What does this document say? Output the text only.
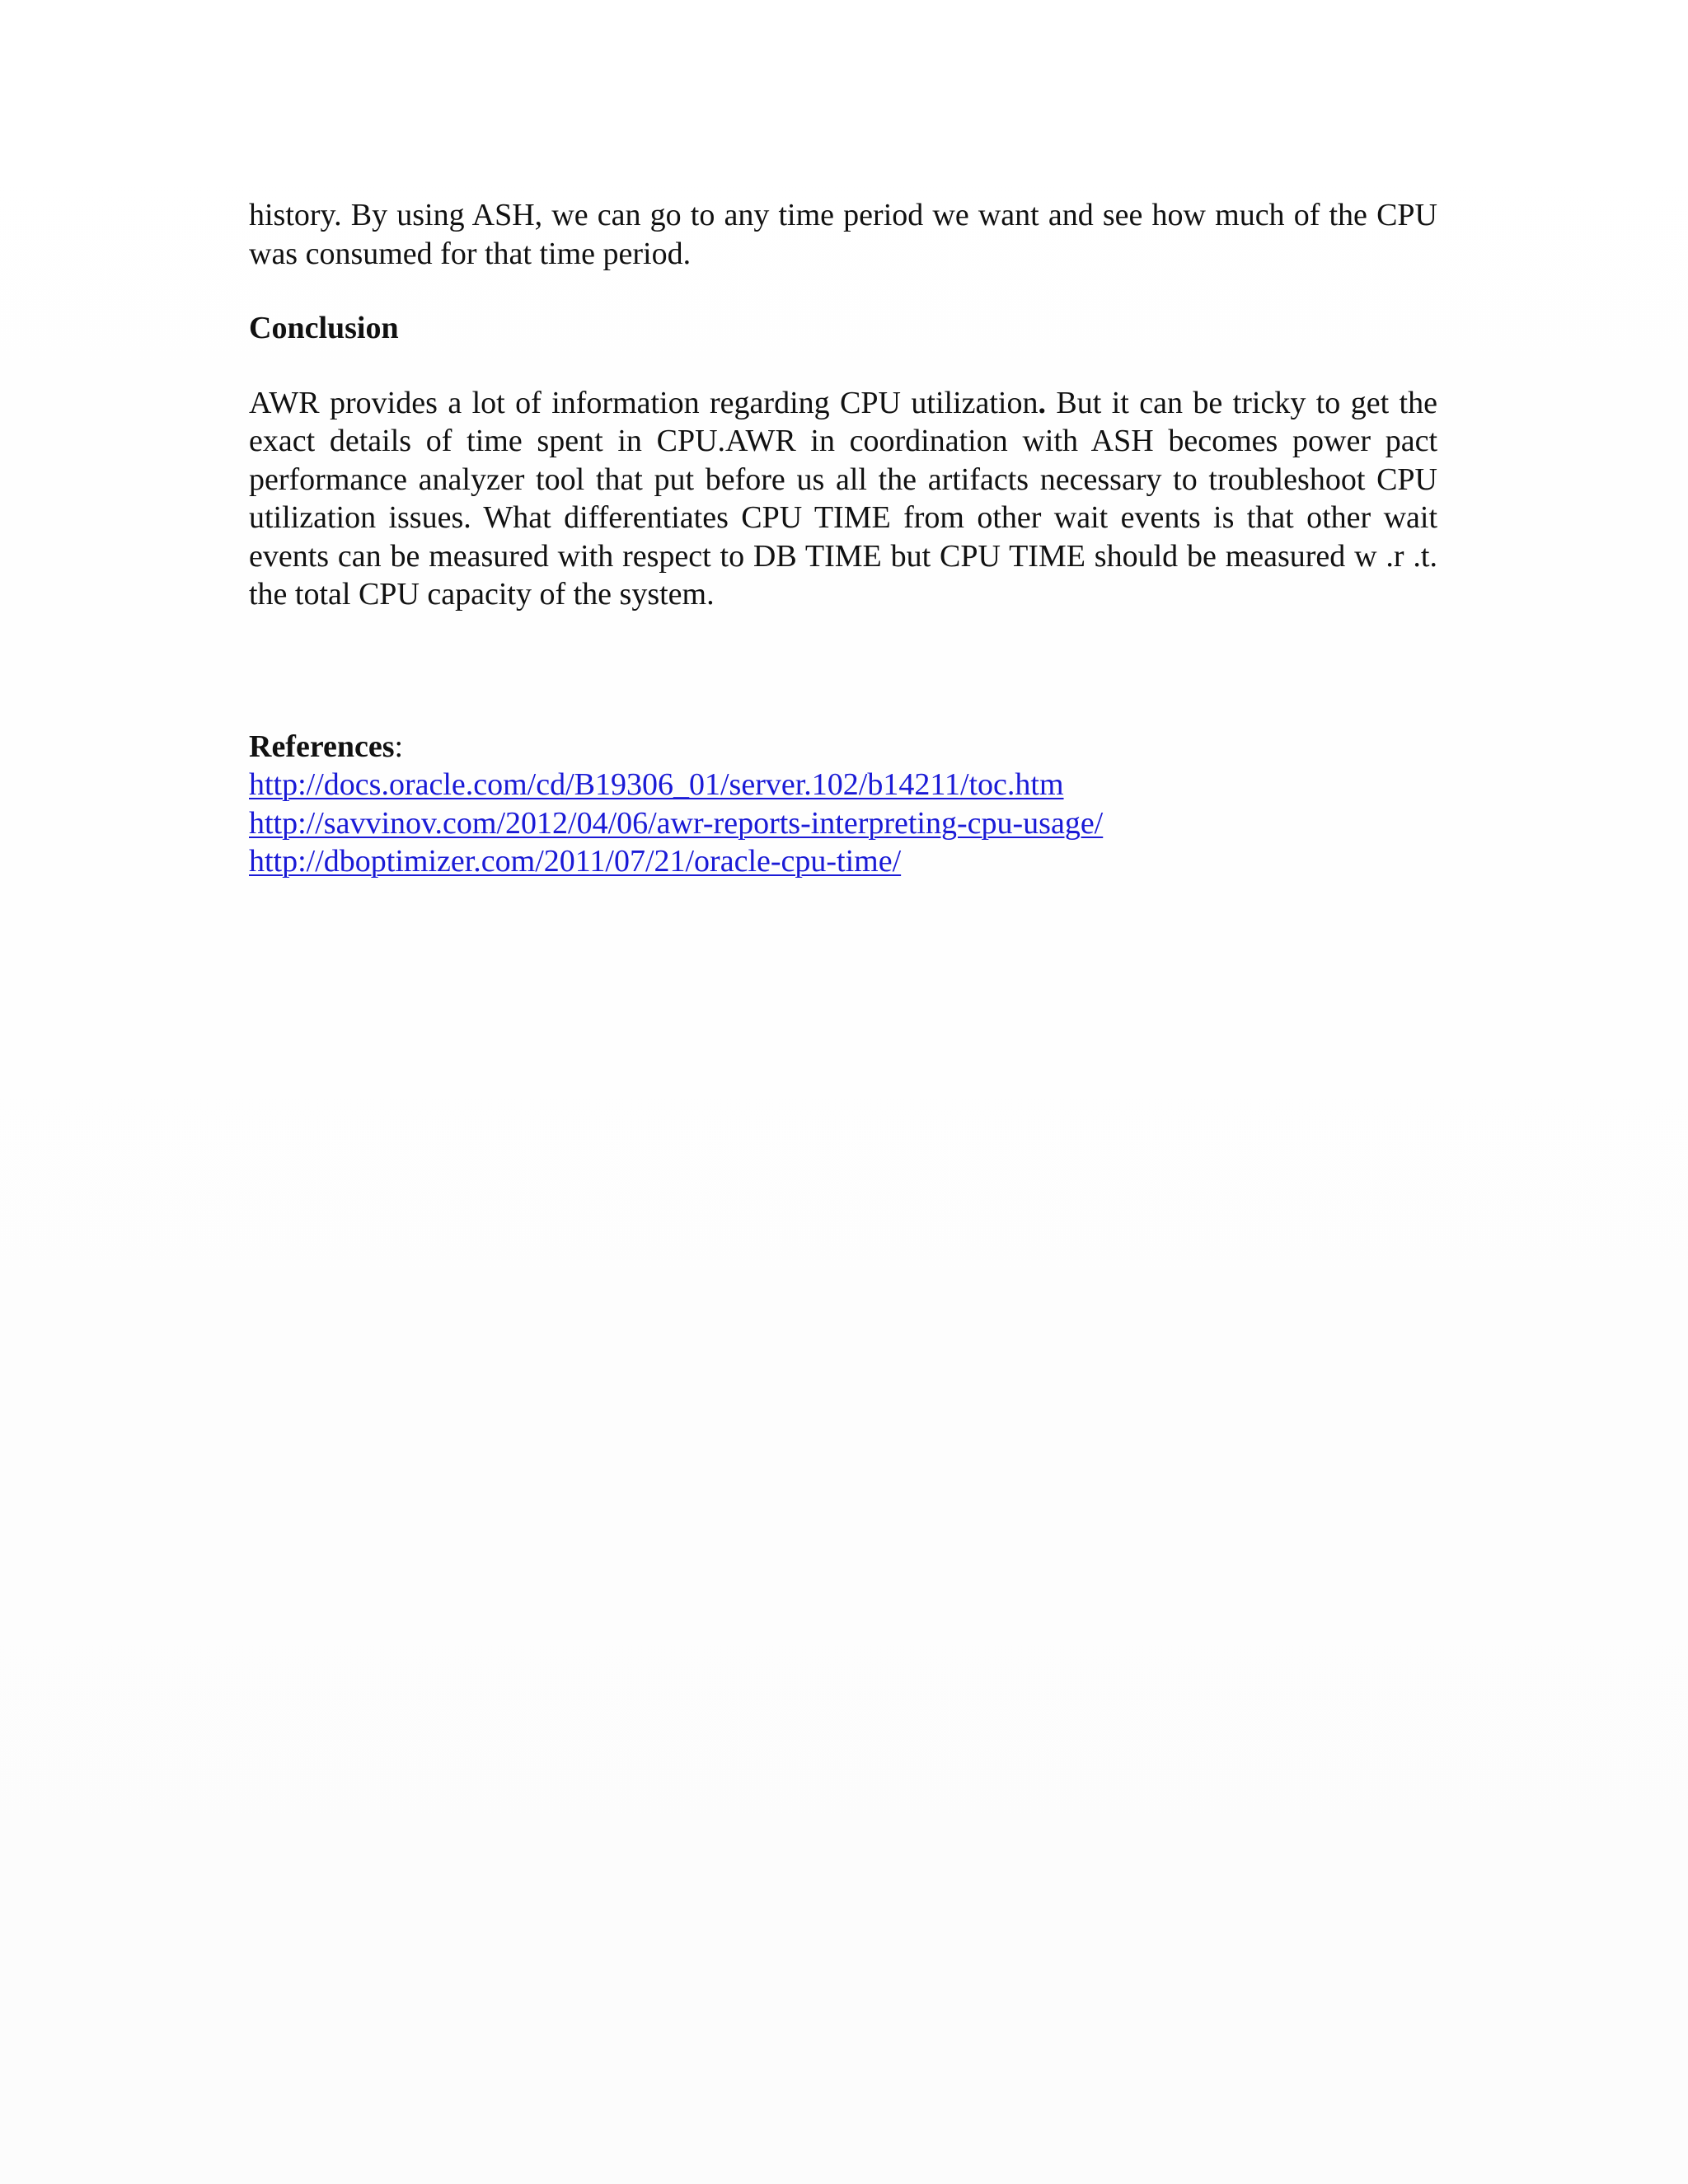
history. By using ASH, we can go to any time period we want and see how much of the CPU was consumed for that time period.

Conclusion

AWR provides a lot of information regarding CPU utilization. But it can be tricky to get the exact details of time spent in CPU.AWR in coordination with ASH becomes power pact performance analyzer tool that put before us all the artifacts necessary to troubleshoot CPU utilization issues. What differentiates CPU TIME from other wait events is that other wait events can be measured with respect to DB TIME but CPU TIME should be measured w .r .t. the total CPU capacity of the system.

References:

http://docs.oracle.com/cd/B19306_01/server.102/b14211/toc.htm
http://savvinov.com/2012/04/06/awr-reports-interpreting-cpu-usage/
http://dboptimizer.com/2011/07/21/oracle-cpu-time/
